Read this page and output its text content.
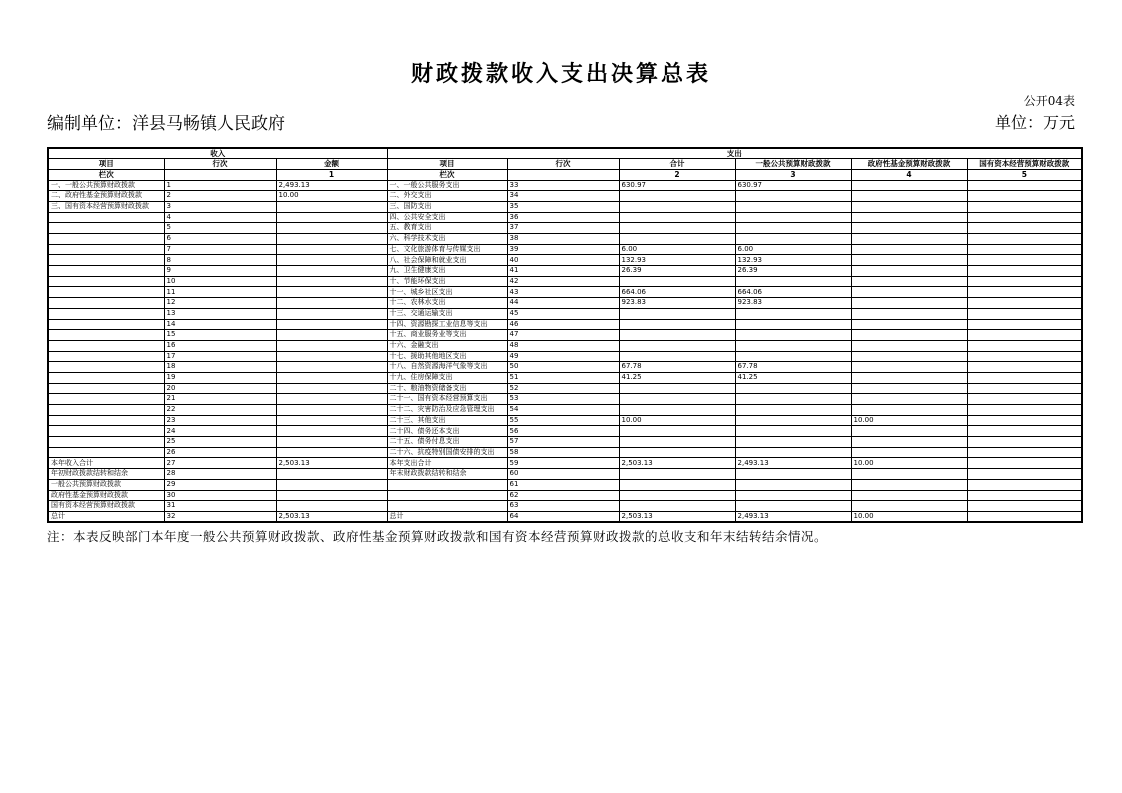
财政拨款收入支出决算总表
公开04表
编制单位：洋县马畅镇人民政府	单位：万元
收入			支出					
项目	行次	金额	项目	行次	合计	一般公共预算财政拨款	政府性基金预算财政拨款	国有资本经营预算财政拨款
栏次		1	栏次		2	3	4	5
一、一般公共预算财政拨款	1	2,493.13	一、一般公共服务支出	33	630.97	630.97		
二、政府性基金预算财政拨款	2	10.00	二、外交支出	34				
三、国有资本经营预算财政拨款	3		三、国防支出	35				
	4		四、公共安全支出	36				
	5		五、教育支出	37				
	6		六、科学技术支出	38				
	7		七、文化旅游体育与传媒支出	39	6.00	6.00		
	8		八、社会保障和就业支出	40	132.93	132.93		
	9		九、卫生健康支出	41	26.39	26.39		
	10		十、节能环保支出	42				
	11		十一、城乡社区支出	43	664.06	664.06		
	12		十二、农林水支出	44	923.83	923.83		
	13		十三、交通运输支出	45				
	14		十四、资源勘探工业信息等支出	46				
	15		十五、商业服务业等支出	47				
	16		十六、金融支出	48				
	17		十七、援助其他地区支出	49				
	18		十八、自然资源海洋气象等支出	50	67.78	67.78		
	19		十九、住房保障支出	51	41.25	41.25		
	20		二十、粮油物资储备支出	52				
	21		二十一、国有资本经营预算支出	53				
	22		二十二、灾害防治及应急管理支出	54				
	23		二十三、其他支出	55	10.00		10.00	
	24		二十四、债务还本支出	56				
	25		二十五、债务付息支出	57				
	26		二十六、抗疫特别国债安排的支出	58				
本年收入合计	27	2,503.13	本年支出合计	59	2,503.13	2,493.13	10.00	
年初财政拨款结转和结余	28		年末财政拨款结转和结余	60				
一般公共预算财政拨款	29			61				
政府性基金预算财政拨款	30			62				
国有资本经营预算财政拨款	31			63				
总计	32	2,503.13	总计	64	2,503.13	2,493.13	10.00	
注：本表反映部门本年度一般公共预算财政拨款、政府性基金预算财政拨款和国有资本经营预算财政拨款的总收支和年末结转结余情况。
